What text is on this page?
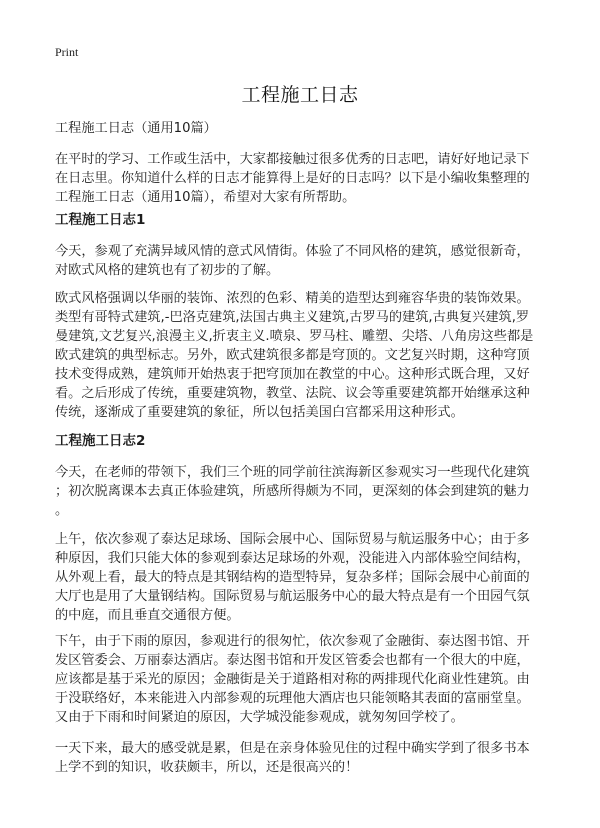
Print
工程施工日志
工程施工日志（通用10篇）
在平时的学习、工作或生活中，大家都接触过很多优秀的日志吧，请好好地记录下
在日志里。你知道什么样的日志才能算得上是好的日志吗？以下是小编收集整理的
工程施工日志（通用10篇），希望对大家有所帮助。
工程施工日志1
今天，参观了充满异域风情的意式风情街。体验了不同风格的建筑，感觉很新奇，
对欧式风格的建筑也有了初步的了解。
欧式风格强调以华丽的装饰、浓烈的色彩、精美的造型达到雍容华贵的装饰效果。
类型有哥特式建筑,-巴洛克建筑,法国古典主义建筑,古罗马的建筑,古典复兴建筑,罗
曼建筑,文艺复兴,浪漫主义,折衷主义.喷泉、罗马柱、雕塑、尖塔、八角房这些都是
欧式建筑的典型标志。另外，欧式建筑很多都是穹顶的。文艺复兴时期，这种穹顶
技术变得成熟，建筑师开始热衷于把穹顶加在教堂的中心。这种形式既合理，又好
看。之后形成了传统，重要建筑物，教堂、法院、议会等重要建筑都开始继承这种
传统，逐渐成了重要建筑的象征，所以包括美国白宫都采用这种形式。
工程施工日志2
今天，在老师的带领下，我们三个班的同学前往滨海新区参观实习一些现代化建筑
；初次脱离课本去真正体验建筑，所感所得颇为不同，更深刻的体会到建筑的魅力
。
上午，依次参观了泰达足球场、国际会展中心、国际贸易与航运服务中心；由于多
种原因，我们只能大体的参观到泰达足球场的外观，没能进入内部体验空间结构，
从外观上看，最大的特点是其钢结构的造型特异，复杂多样；国际会展中心前面的
大厅也是用了大量钢结构。国际贸易与航运服务中心的最大特点是有一个田园气氛
的中庭，而且垂直交通很方便。
下午，由于下雨的原因，参观进行的很匆忙，依次参观了金融街、泰达图书馆、开
发区管委会、万丽泰达酒店。泰达图书馆和开发区管委会也都有一个很大的中庭，
应该都是基于采光的原因；金融街是关于道路相对称的两排现代化商业性建筑。由
于没联络好，本来能进入内部参观的玩理他大酒店也只能领略其表面的富丽堂皇。
又由于下雨和时间紧迫的原因，大学城没能参观成，就匆匆回学校了。
一天下来，最大的感受就是累，但是在亲身体验见住的过程中确实学到了很多书本
上学不到的知识，收获颇丰，所以，还是很高兴的！
